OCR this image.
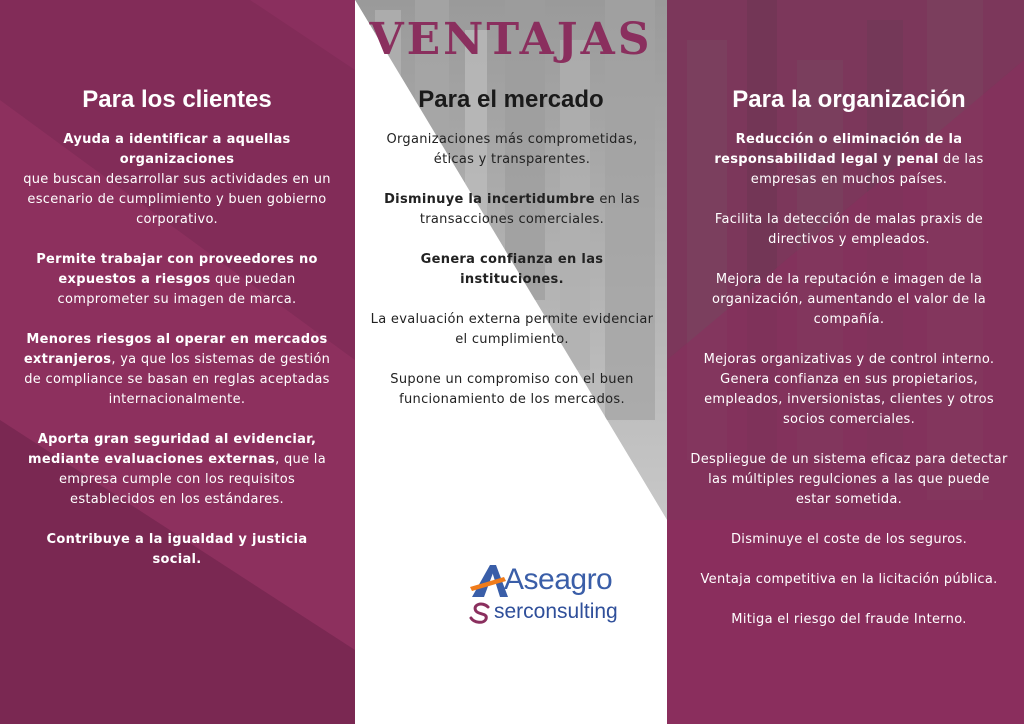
VENTAJAS
Para los clientes	Para el mercado	Para la organización

Ayuda a identificar a aquellas organizaciones
que buscan desarrollar sus actividades en un escenario de cumplimiento y buen gobierno corporativo.

Permite trabajar con proveedores no expuestos a riesgos que puedan comprometer su imagen de marca.

Menores riesgos al operar en mercados extranjeros, ya que los sistemas de gestión de compliance se basan en reglas aceptadas internacionalmente.

Aporta gran seguridad al evidenciar, mediante evaluaciones externas, que la empresa cumple con los requisitos establecidos en los estándares.

Contribuye a la igualdad y justicia social.

Organizaciones más comprometidas, éticas y transparentes.

Disminuye la incertidumbre en las transacciones comerciales.

Genera confianza en las instituciones.

La evaluación externa permite evidenciar el cumplimiento.

Supone un compromiso con el buen funcionamiento de los mercados.

Reducción o eliminación de la responsabilidad legal y penal de las empresas en muchos países.

Facilita la detección de malas praxis de directivos y empleados.

Mejora de la reputación e imagen de la organización, aumentando el valor de la compañía.

Mejoras organizativas y de control interno.

Genera confianza en sus propietarios, empleados, inversionistas, clientes y otros socios comerciales.

Despliegue de un sistema eficaz para detectar las múltiples regulciones a las que puede estar sometida.

Disminuye el coste de los seguros.

Ventaja competitiva en la licitación pública.

Mitiga el riesgo del fraude Interno.

Aseagro
serconsulting
